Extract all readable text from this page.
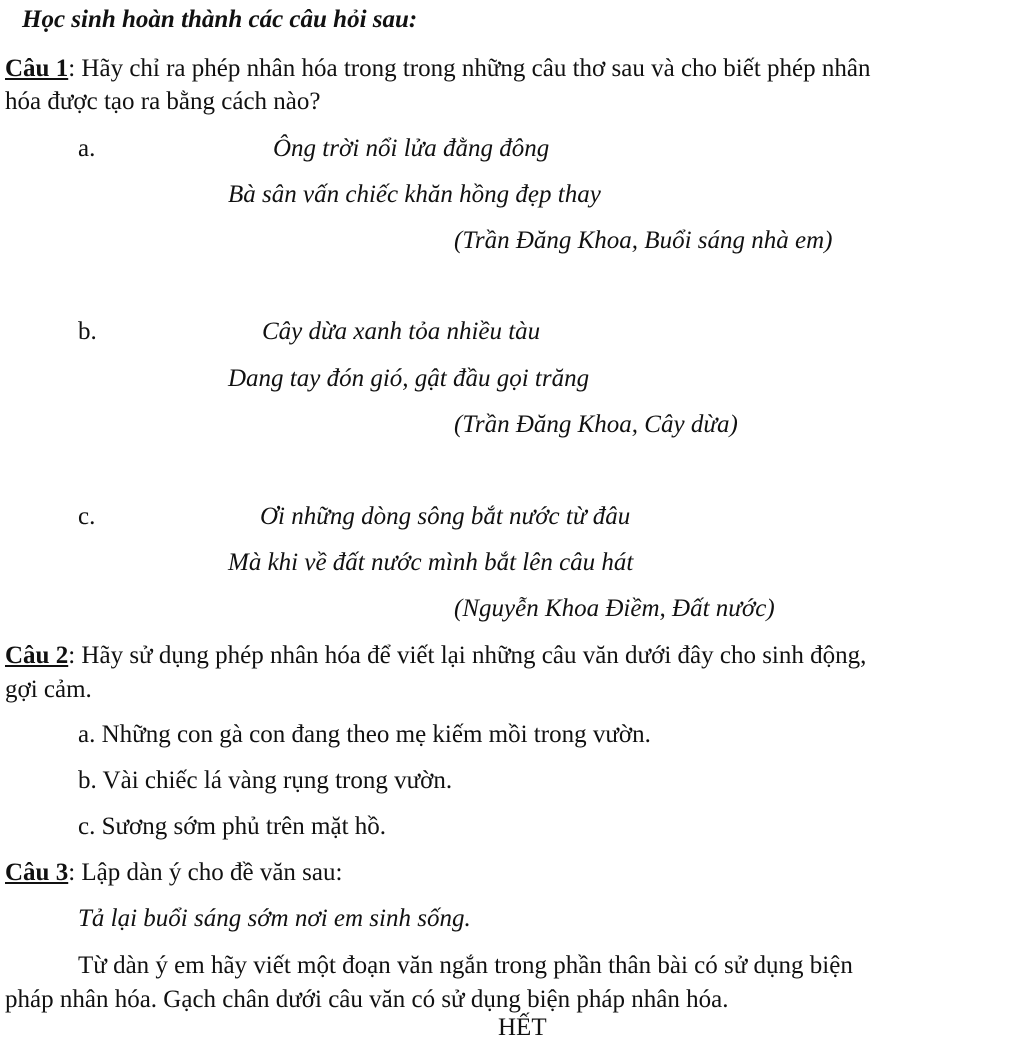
Học sinh hoàn thành các câu hỏi sau:
Câu 1: Hãy chỉ ra phép nhân hóa trong trong những câu thơ sau và cho biết phép nhân
hóa được tạo ra bằng cách nào?
a.	Ông trời nổi lửa đằng đông
Bà sân vấn chiếc khăn hồng đẹp thay
(Trần Đăng Khoa, Buổi sáng nhà em)
b.	Cây dừa xanh tỏa nhiều tàu
Dang tay đón gió, gật đầu gọi trăng
(Trần Đăng Khoa, Cây dừa)
c.	Ơi những dòng sông bắt nước từ đâu
Mà khi về đất nước mình bắt lên câu hát
(Nguyễn Khoa Điềm, Đất nước)
Câu 2: Hãy sử dụng phép nhân hóa để viết lại những câu văn dưới đây cho sinh động,
gợi cảm.
a. Những con gà con đang theo mẹ kiếm mồi trong vườn.
b. Vài chiếc lá vàng rụng trong vườn.
c. Sương sớm phủ trên mặt hồ.
Câu 3: Lập dàn ý cho đề văn sau:
Tả lại buổi sáng sớm nơi em sinh sống.
Từ dàn ý em hãy viết một đoạn văn ngắn trong phần thân bài có sử dụng biện
pháp nhân hóa. Gạch chân dưới câu văn có sử dụng biện pháp nhân hóa.
HẾT
